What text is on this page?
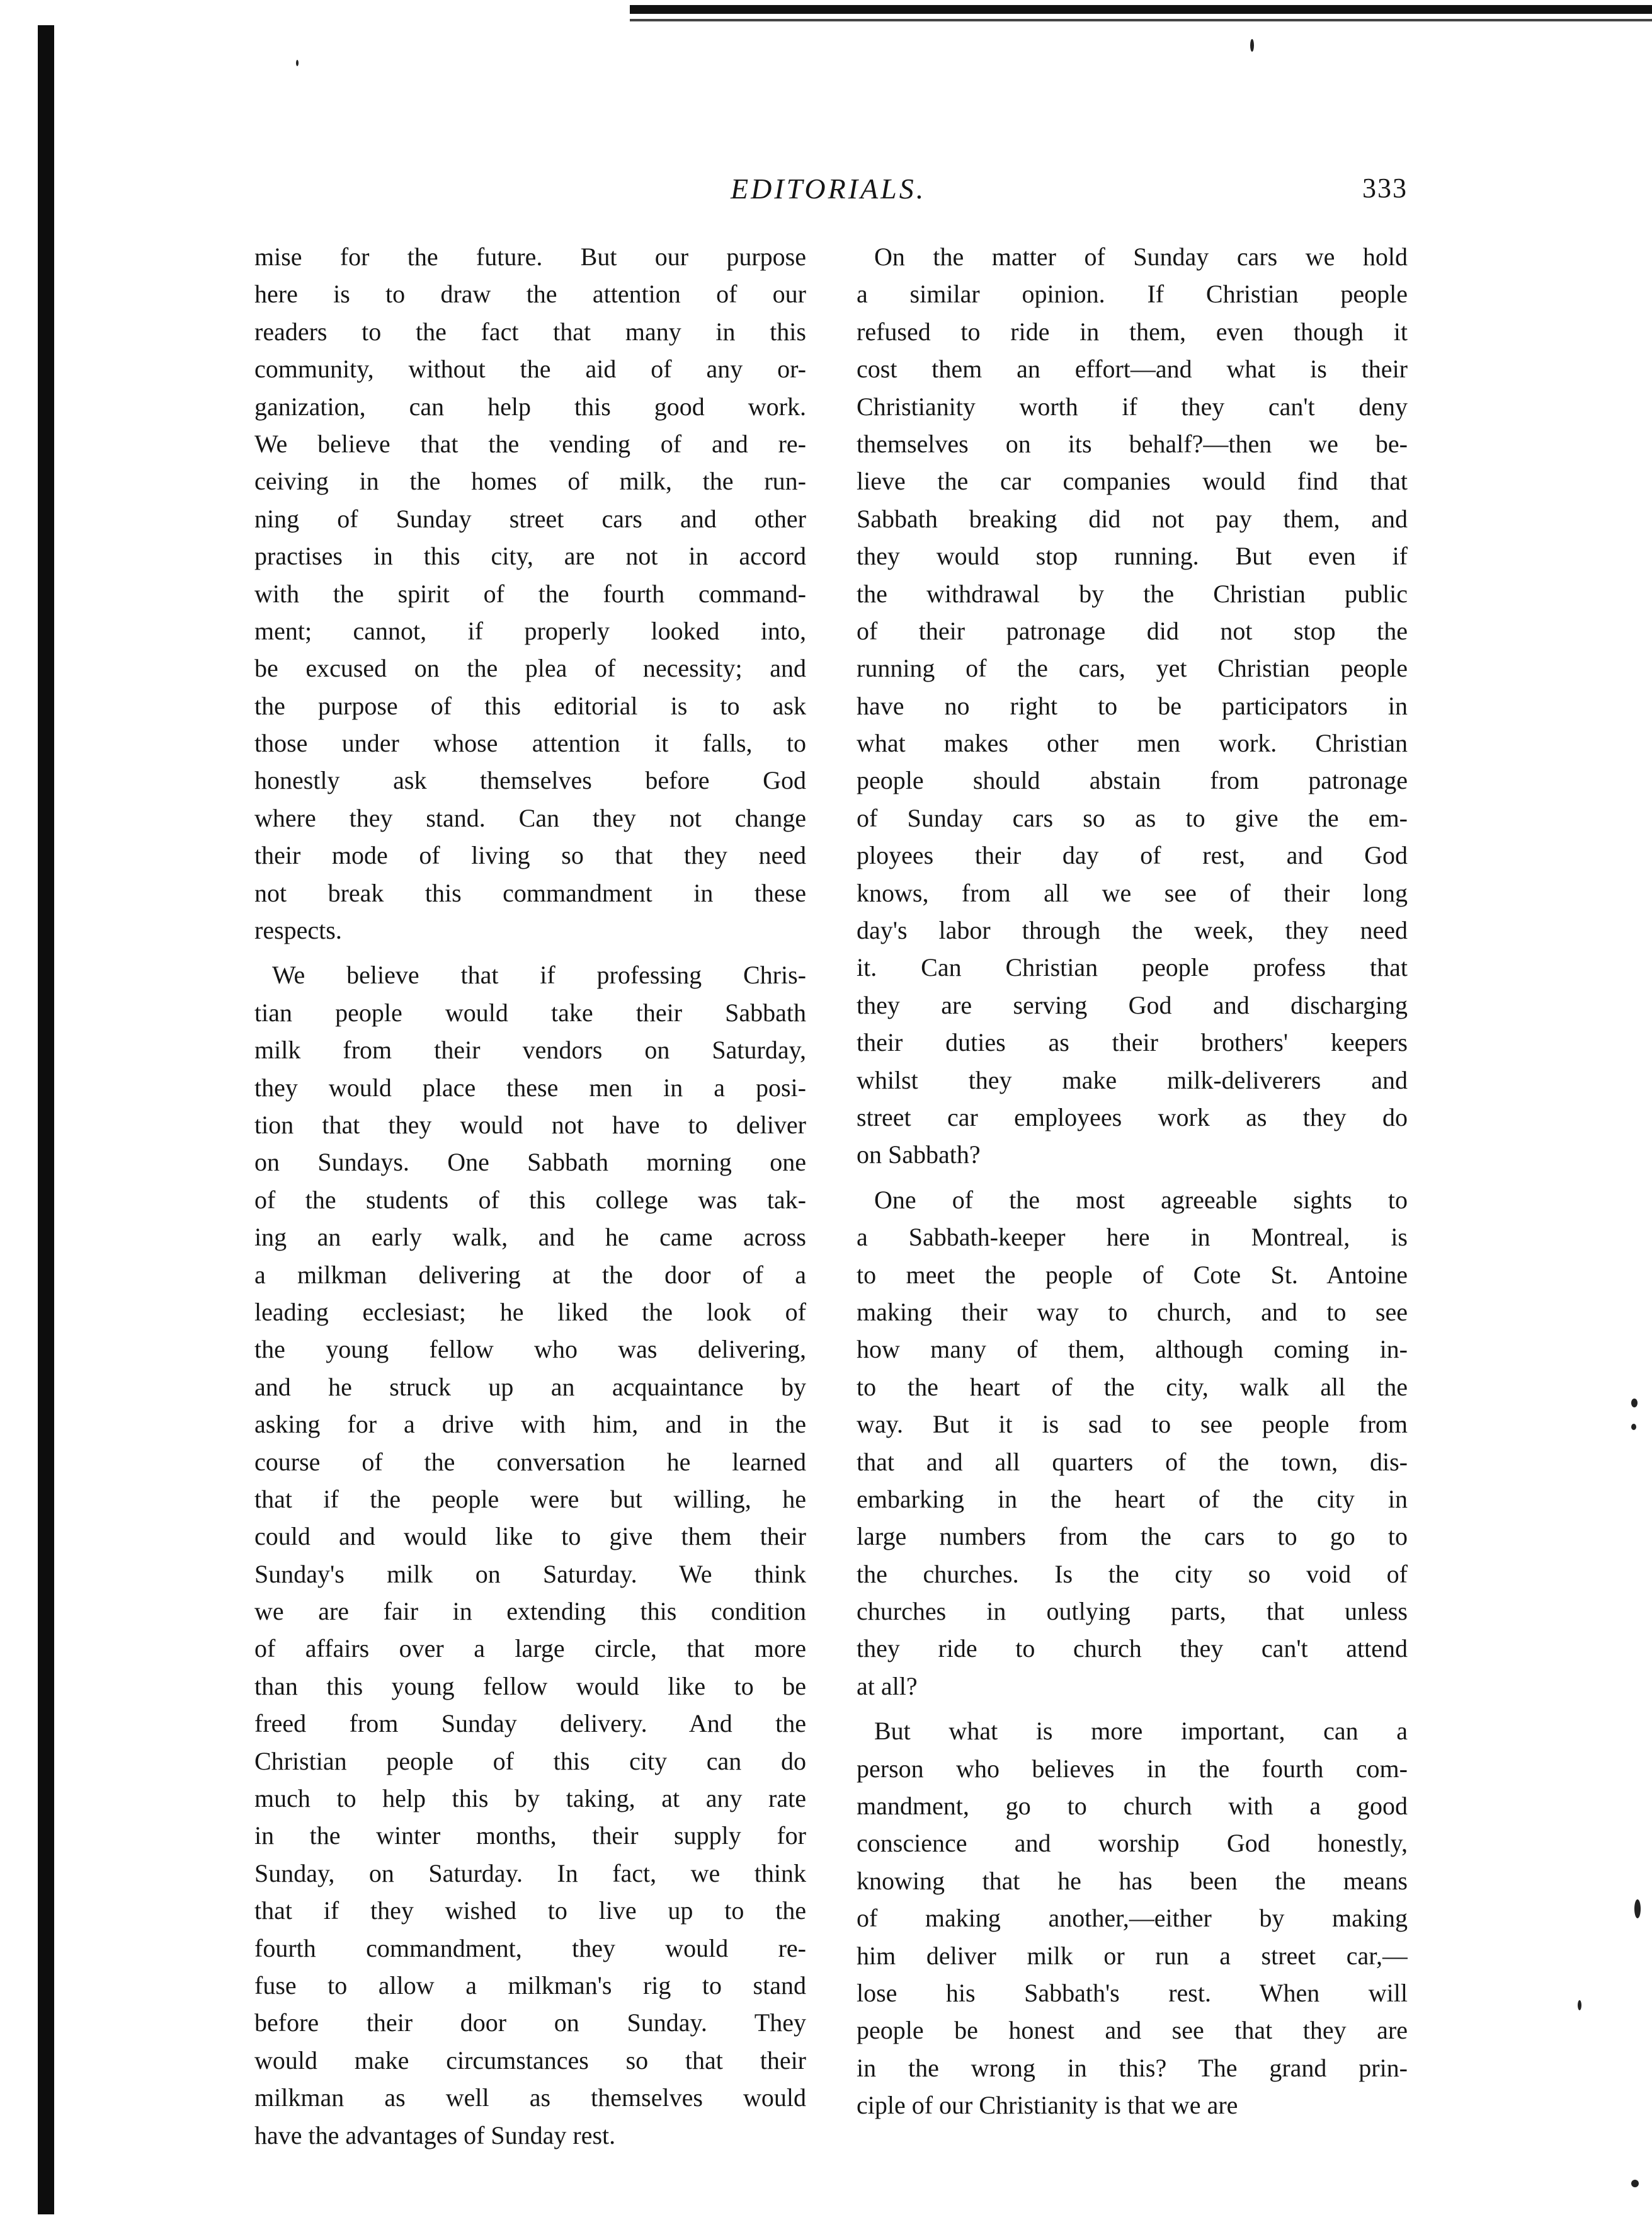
EDITORIALS.	333
mise for the future. But our purpose
here is to draw the attention of our
readers to the fact that many in this
community, without the aid of any or-
ganization, can help this good work.
We believe that the vending of and re-
ceiving in the homes of milk, the run-
ning of Sunday street cars and other
practises in this city, are not in accord
with the spirit of the fourth command-
ment; cannot, if properly looked into,
be excused on the plea of necessity; and
the purpose of this editorial is to ask
those under whose attention it falls, to
honestly ask themselves before God
where they stand. Can they not change
their mode of living so that they need
not break this commandment in these
respects.
We believe that if professing Chris-
tian people would take their Sabbath
milk from their vendors on Saturday,
they would place these men in a posi-
tion that they would not have to deliver
on Sundays. One Sabbath morning one
of the students of this college was tak-
ing an early walk, and he came across
a milkman delivering at the door of a
leading ecclesiast; he liked the look of
the young fellow who was delivering,
and he struck up an acquaintance by
asking for a drive with him, and in the
course of the conversation he learned
that if the people were but willing, he
could and would like to give them their
Sunday's milk on Saturday. We think
we are fair in extending this condition
of affairs over a large circle, that more
than this young fellow would like to be
freed from Sunday delivery. And the
Christian people of this city can do
much to help this by taking, at any rate
in the winter months, their supply for
Sunday, on Saturday. In fact, we think
that if they wished to live up to the
fourth commandment, they would re-
fuse to allow a milkman's rig to stand
before their door on Sunday. They
would make circumstances so that their
milkman as well as themselves would
have the advantages of Sunday rest.
On the matter of Sunday cars we hold
a similar opinion. If Christian people
refused to ride in them, even though it
cost them an effort—and what is their
Christianity worth if they can't deny
themselves on its behalf?—then we be-
lieve the car companies would find that
Sabbath breaking did not pay them, and
they would stop running. But even if
the withdrawal by the Christian public
of their patronage did not stop the
running of the cars, yet Christian people
have no right to be participators in
what makes other men work. Christian
people should abstain from patronage
of Sunday cars so as to give the em-
ployees their day of rest, and God
knows, from all we see of their long
day's labor through the week, they need
it. Can Christian people profess that
they are serving God and discharging
their duties as their brothers' keepers
whilst they make milk-deliverers and
street car employees work as they do
on Sabbath?
One of the most agreeable sights to
a Sabbath-keeper here in Montreal, is
to meet the people of Cote St. Antoine
making their way to church, and to see
how many of them, although coming in-
to the heart of the city, walk all the
way. But it is sad to see people from
that and all quarters of the town, dis-
embarking in the heart of the city in
large numbers from the cars to go to
the churches. Is the city so void of
churches in outlying parts, that unless
they ride to church they can't attend
at all?
But what is more important, can a
person who believes in the fourth com-
mandment, go to church with a good
conscience and worship God honestly,
knowing that he has been the means
of making another,—either by making
him deliver milk or run a street car,—
lose his Sabbath's rest. When will
people be honest and see that they are
in the wrong in this? The grand prin-
ciple of our Christianity is that we are
